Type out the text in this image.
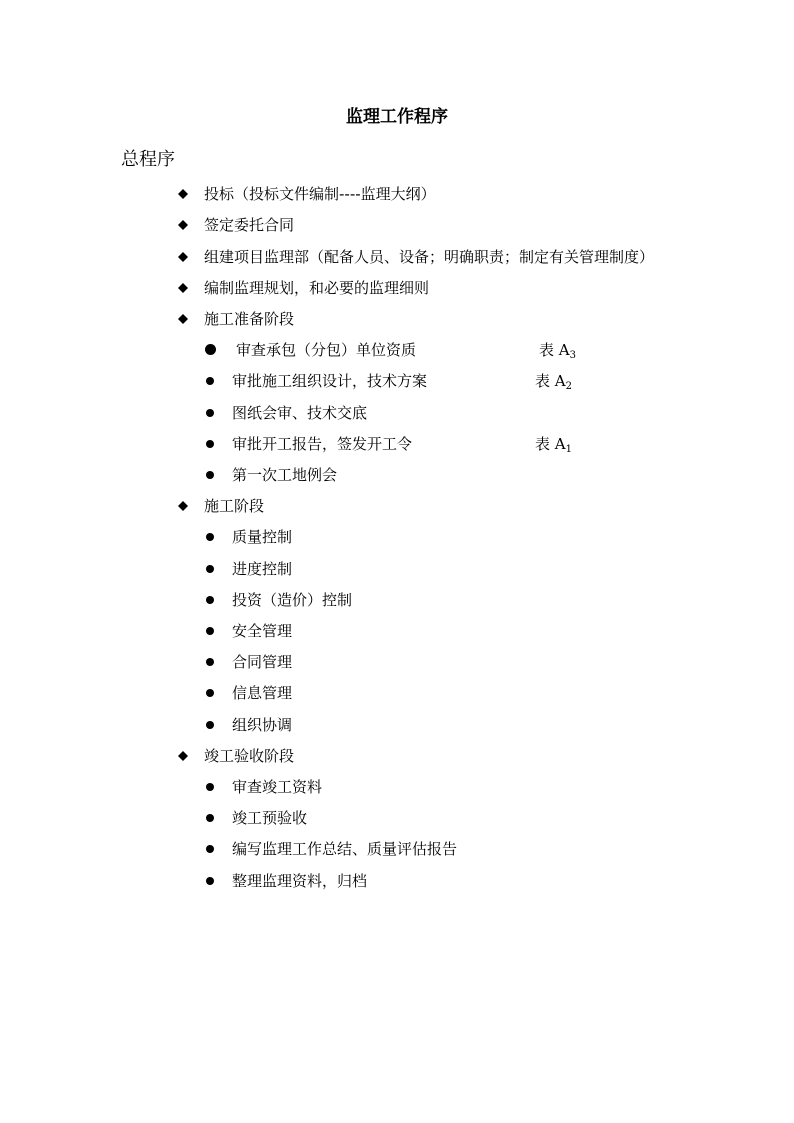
监理工作程序
总程序
投标（投标文件编制----监理大纲）
签定委托合同
组建项目监理部（配备人员、设备；明确职责；制定有关管理制度）
编制监理规划，和必要的监理细则
施工准备阶段
审查承包（分包）单位资质	表 $A_3$
审批施工组织设计，技术方案	表 $A_2$
图纸会审、技术交底
审批开工报告，签发开工令	表 $A_1$
第一次工地例会
施工阶段
质量控制
进度控制
投资（造价）控制
安全管理
合同管理
信息管理
组织协调
竣工验收阶段
审查竣工资料
竣工预验收
编写监理工作总结、质量评估报告
整理监理资料，归档
